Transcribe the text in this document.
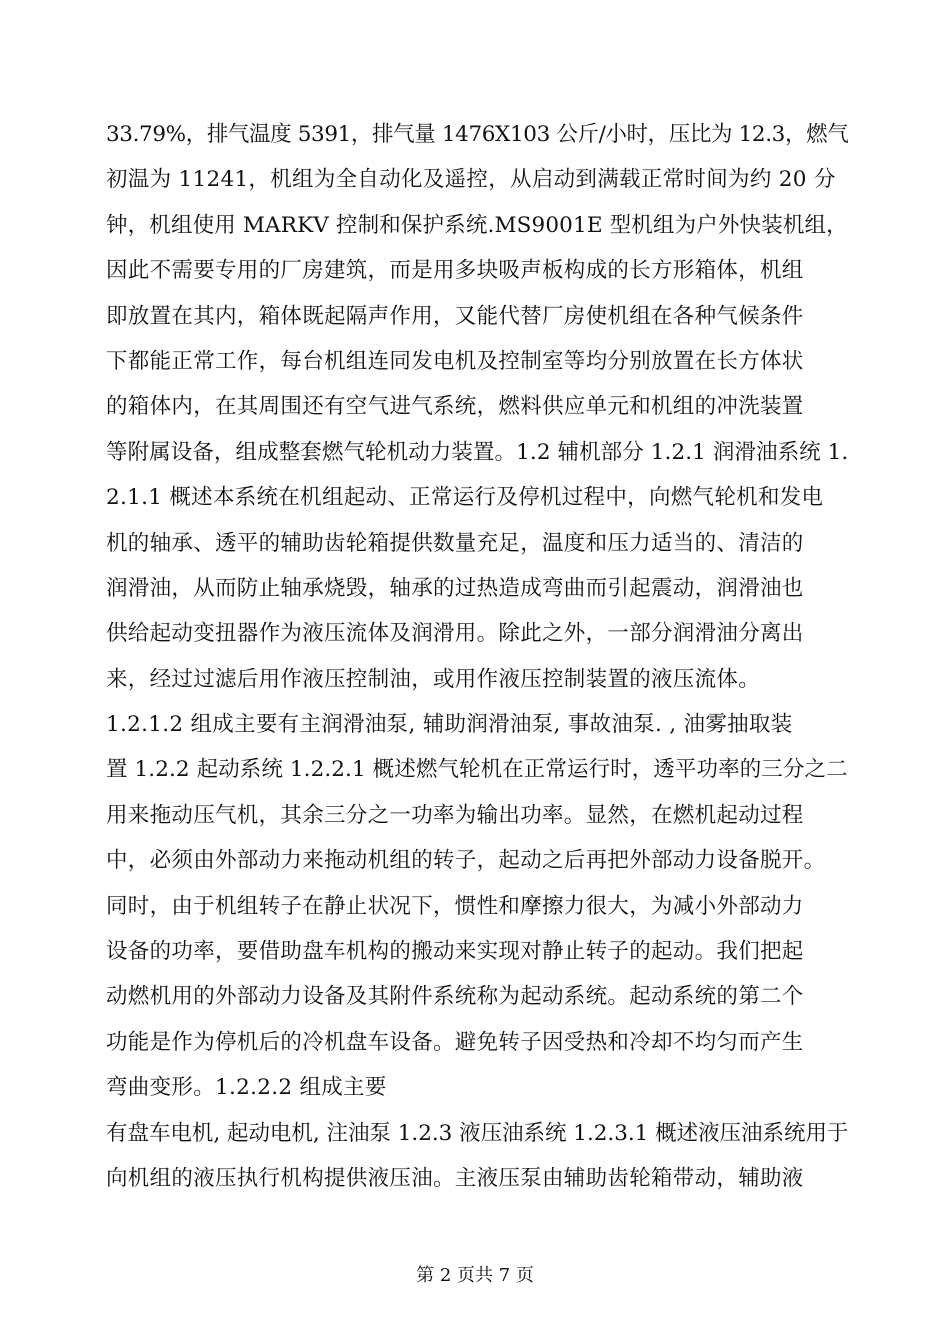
33.79%，排气温度 5391，排气量 1476X103 公斤/小时，压比为 12.3，燃气
初温为 11241，机组为全自动化及遥控，从启动到满载正常时间为约 20 分
钟，机组使用 MARKV 控制和保护系统.MS9001E 型机组为户外快装机组，
因此不需要专用的厂房建筑，而是用多块吸声板构成的长方形箱体，机组
即放置在其内，箱体既起隔声作用，又能代替厂房使机组在各种气候条件
下都能正常工作，每台机组连同发电机及控制室等均分别放置在长方体状
的箱体内，在其周围还有空气进气系统，燃料供应单元和机组的冲洗装置
等附属设备，组成整套燃气轮机动力装置。1.2 辅机部分 1.2.1 润滑油系统 1.
2.1.1 概述本系统在机组起动、正常运行及停机过程中，向燃气轮机和发电
机的轴承、透平的辅助齿轮箱提供数量充足，温度和压力适当的、清洁的
润滑油，从而防止轴承烧毁，轴承的过热造成弯曲而引起震动，润滑油也
供给起动变扭器作为液压流体及润滑用。除此之外，一部分润滑油分离出
来，经过过滤后用作液压控制油，或用作液压控制装置的液压流体。
1.2.1.2 组成主要有主润滑油泵, 辅助润滑油泵, 事故油泵. , 油雾抽取装
置 1.2.2 起动系统 1.2.2.1 概述燃气轮机在正常运行时，透平功率的三分之二
用来拖动压气机，其余三分之一功率为输出功率。显然，在燃机起动过程
中，必须由外部动力来拖动机组的转子，起动之后再把外部动力设备脱开。
同时，由于机组转子在静止状况下，惯性和摩擦力很大，为减小外部动力
设备的功率，要借助盘车机构的搬动来实现对静止转子的起动。我们把起
动燃机用的外部动力设备及其附件系统称为起动系统。起动系统的第二个
功能是作为停机后的冷机盘车设备。避免转子因受热和冷却不均匀而产生
弯曲变形。1.2.2.2 组成主要
有盘车电机, 起动电机, 注油泵 1.2.3 液压油系统 1.2.3.1 概述液压油系统用于
向机组的液压执行机构提供液压油。主液压泵由辅助齿轮箱带动，辅助液
第 2 页共 7 页
